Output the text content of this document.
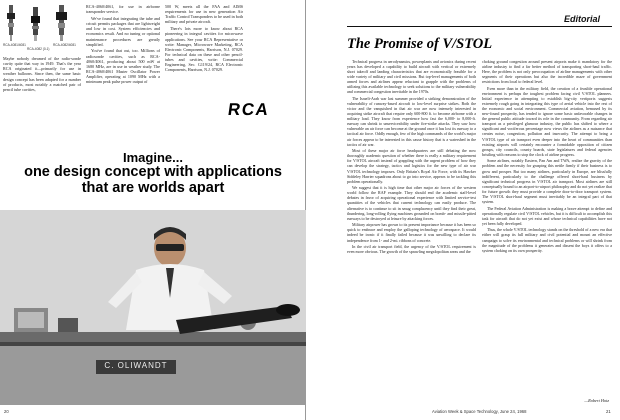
RCA-4081/4081
RCA-4082 (0-1)
RCA-4082/4081

Maybe nobody dreamed of the radio-sonde cavity quite that way in 1949. That's the year RCA originated it—primarily for use in weather balloons. Since then, the same basic design concept has been adapted for a number of products, most notably a matched pair of pencil tube cavities,

RCA-4060/4061, for use in airborne transponder service.

We've found that integrating the tube and cricuit permits packages that are lightweight and low in cost. System efficiencies and economics result. And no tuning or optional maintenance procedures are greatly simplified.

You've found that out, too. Millions of radiosonde cavities, such as RCA-4060/4061, producing about 500 mW at 1680 MHz, are in use in weather study. The RCA-4060/4061 Master Oscillator Power Amplifier, operating at 1090 MHz with a minimum peak pulse power output of

500 W, meets all the FAA and AIMS requirements for use in new generation Air Traffic Control Transponders to be used in both military and private aircraft.

There's lots more to know about RCA pioneering in integral cavities for microwave applications. See your RCA Representative or write: Manager, Microwave Marketing, RCA Electronic Components, Harrison, N.J. 07029. For technical data on these and other pencil-tubes and cavities, write: Commercial Engineering, Sec. G119/24, RCA Electronic Components, Harrison, N.J. 07029.

RCA
Imagine...
one design concept with applications
that are worlds apart
C. OLIWANDT
20
Editorial
The Promise of V/STOL

Technical progress in aerodynamics, powerplants and avionics during recent years has developed a capability to build aircraft with vertical or extremely short takeoff and landing characteristics that are economically feasible for a wide variety of military and civil missions. But top-level managements of both armed forces and airlines appear reluctant to grapple with the problems of utilizing this available technology to seek solutions to the military vulnerability and commercial congestion inevitable in the 1970s.

The Israeli-Arab war last summer provided a striking demonstration of the vulnerability of runway-based aircraft to low-level surprise strikes. Both the victor and the vanquished in that air war are now intensely interested in acquiring strike aircraft that require only 600-800 ft. to become airborne with a military load. They know from experience how fast the 6,000- to 8,000-ft. runway can shrink to unserviceability under fire-strike attacks. They saw how vulnerable an air force can become at the ground once it has lost its runway to a tactical air force. Oddly enough, few of the high commands of the world's major air forces appear to be interested in this cause history that is a watershed in the tactics of air war.

Most of these major air force headquarters are still debating the now thoroughly academic question of whether there is really a military requirement for V/STOL aircraft instead of grappling with the urgent problem of how they can develop the strategy, tactics and logistics for the new type of air war V/STOL technology imposes. Only Britain's Royal Air Force, with its Hawker Siddeley Harrier squadrons about to go into service, appears to be tackling this problem operationally.

We suggest that it is high time that other major air forces of the western world follow the RAF example. They should end the academic staff-level debates in favor of acquiring operational experience with limited service-test quantities of the vehicles that current technology can easily produce. The alternative is to continue to sit in smug complacency until they find their great, thundering, long-rolling flying machines grounded on bomb- and missile-pitted runways to be destroyed at leisure by attacking forces.

Military airpower has grown to its present importance because it has been so quick to embrace and employ the galloping technology of aerospace. It would indeed be ironic if it finally failed because it was unwilling to declare its independence from 1- and 2-mi. ribbons of concrete.

In the civil air transport field, the urgency of the V/STOL requirement is even more obvious. The growth of the sprawling megalopolitan areas and the

choking ground congestion around present airports make it mandatory for the airline industry to find a far better method of transporting short-haul traffic. Here, the problem is not only preoccupation of airline managements with other segments of their operations but also the incredible maze of government restrictions from local to federal level.

Even more than in the military field, the creation of a feasible operational environment is perhaps the toughest problem facing civil V/STOL planners. Initial experience in attempting to establish big-city vertiports suggests extremely rough going in integrating this type of aerial vehicle into the rest of the economic and social environment. Commercial aviation, bemused by its new-found prosperity, has tended to ignore some basic unfavorable changes in the general public attitude toward its role in the community. From regarding air transport as a privileged glamour industry, the public has shifted to where a significant and vociferous percentage now views the airlines as a nuisance that creates noise, congestion, pollution and insecurity. The attempt to bring a V/STOL type of air transport even deeper into the heart of communities than existing airports will certainly encounter a formidable opposition of citizen groups, city councils, county boards, state legislatures and federal agencies bristling with reasons to stop the clock of airline progress.

Some airlines, notably Eastern, Pan Am and TWA, realize the gravity of the problem and the necessity for grasping this nettle firmly if their business is to grow and prosper. But too many airlines, particularly in Europe, are blissfully indifferent, particularly to the challenge offered short-haul business by significant technical progress in V/STOL air transport. Most airlines are still conceptually bound to an airport-to-airport philosophy and do not yet realize that for future growth they must provide a complete door-to-door transport system. The V/STOL short-haul segment must inevitably be an integral part of that system.

The Federal Aviation Administration is making a brave attempt to define and operationally regulate civil V/STOL vehicles, but it is difficult to accomplish this task for aircraft that do not yet exist and whose technical capabilities have not yet been fully developed.

Thus, the whole V/STOL technology stands on the threshold of a new era that either will grasp its full military and civil potential and mount an effective campaign to solve its environmental and technical problems or will shrink from the magnitude of the problems it generates and dissent the boys it offers to a system choking on its own prosperity.

—Robert Hotz
Aviation Week & Space Technology, June 24, 1968	21
